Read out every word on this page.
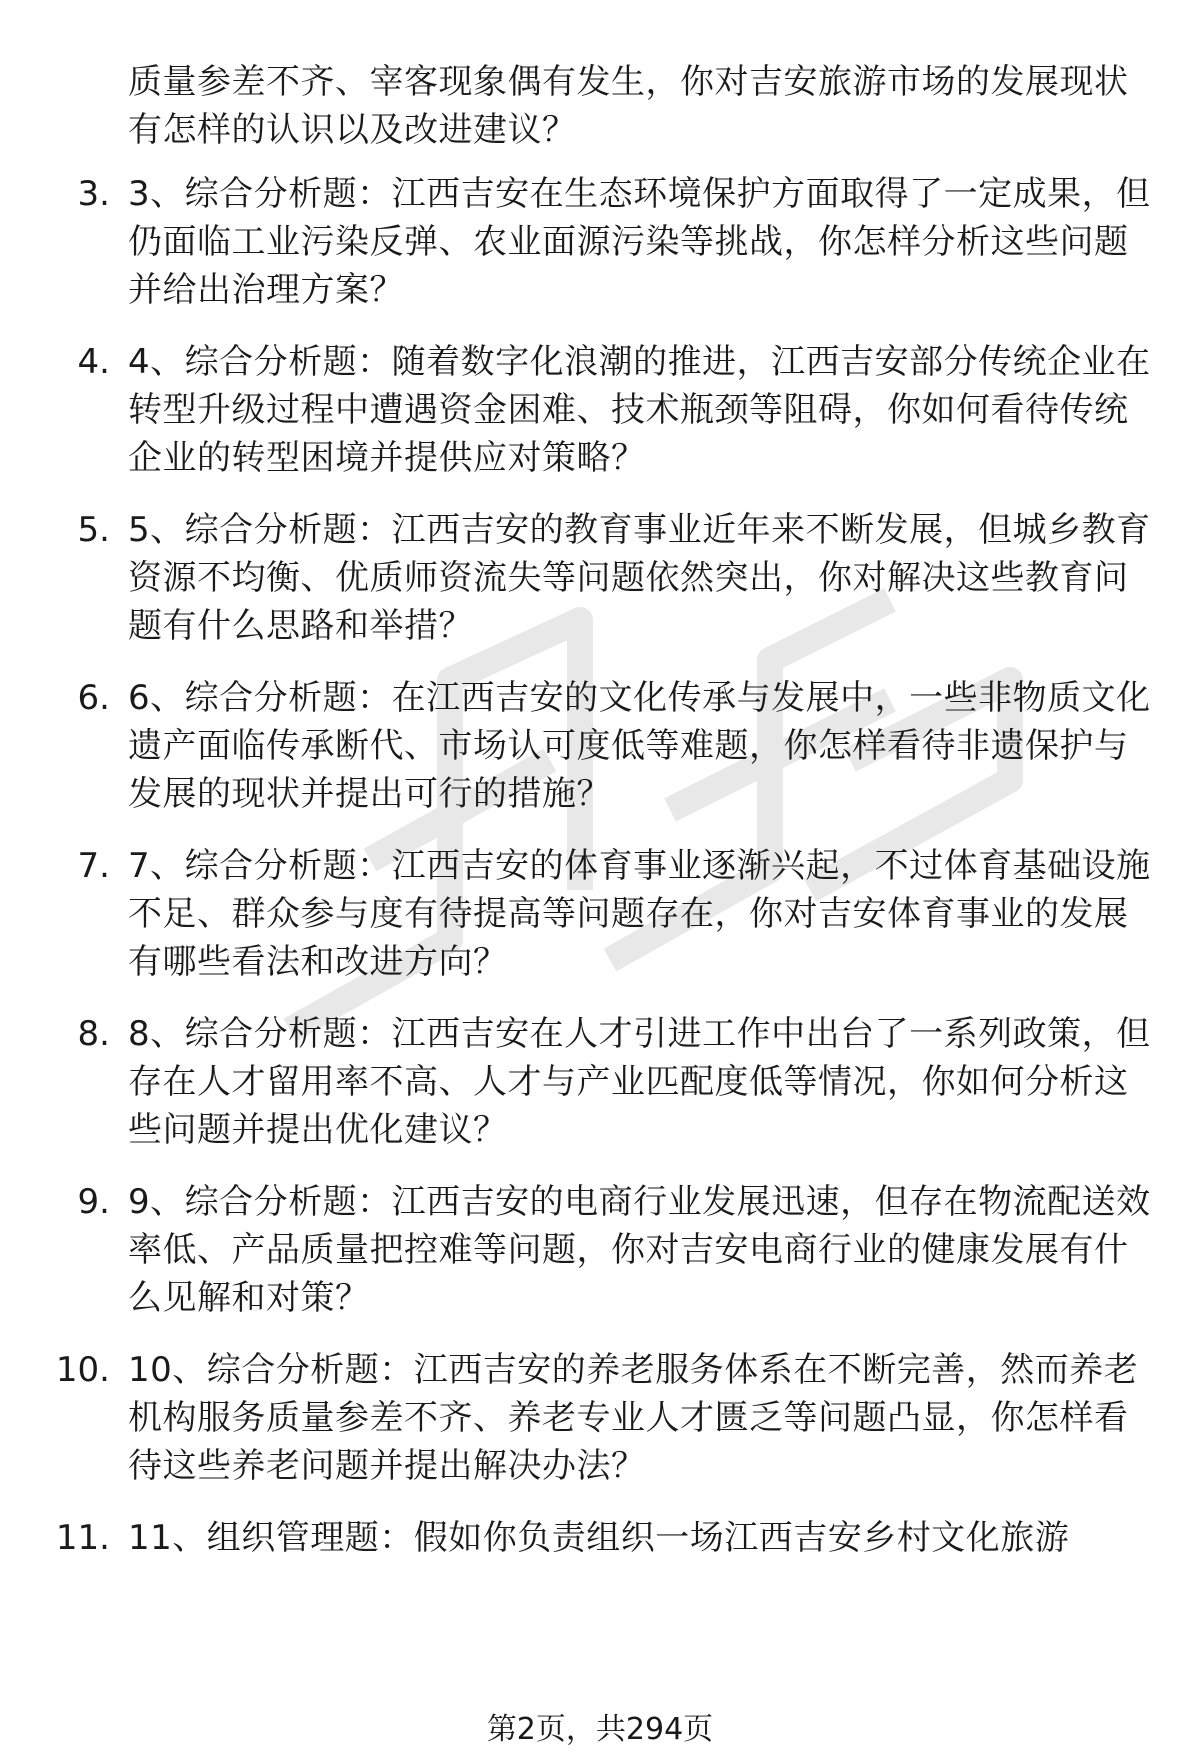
质量参差不齐、宰客现象偶有发生，你对吉安旅游市场的发展现状有怎样的认识以及改进建议？
3. 3、综合分析题：江西吉安在生态环境保护方面取得了一定成果，但仍面临工业污染反弹、农业面源污染等挑战，你怎样分析这些问题并给出治理方案？
4. 4、综合分析题：随着数字化浪潮的推进，江西吉安部分传统企业在转型升级过程中遭遇资金困难、技术瓶颈等阻碍，你如何看待传统企业的转型困境并提供应对策略？
5. 5、综合分析题：江西吉安的教育事业近年来不断发展，但城乡教育资源不均衡、优质师资流失等问题依然突出，你对解决这些教育问题有什么思路和举措？
6. 6、综合分析题：在江西吉安的文化传承与发展中，一些非物质文化遗产面临传承断代、市场认可度低等难题，你怎样看待非遗保护与发展的现状并提出可行的措施？
7. 7、综合分析题：江西吉安的体育事业逐渐兴起，不过体育基础设施不足、群众参与度有待提高等问题存在，你对吉安体育事业的发展有哪些看法和改进方向？
8. 8、综合分析题：江西吉安在人才引进工作中出台了一系列政策，但存在人才留用率不高、人才与产业匹配度低等情况，你如何分析这些问题并提出优化建议？
9. 9、综合分析题：江西吉安的电商行业发展迅速，但存在物流配送效率低、产品质量把控难等问题，你对吉安电商行业的健康发展有什么见解和对策？
10. 10、综合分析题：江西吉安的养老服务体系在不断完善，然而养老机构服务质量参差不齐、养老专业人才匮乏等问题凸显，你怎样看待这些养老问题并提出解决办法？
11. 11、组织管理题：假如你负责组织一场江西吉安乡村文化旅游
第2页，共294页
